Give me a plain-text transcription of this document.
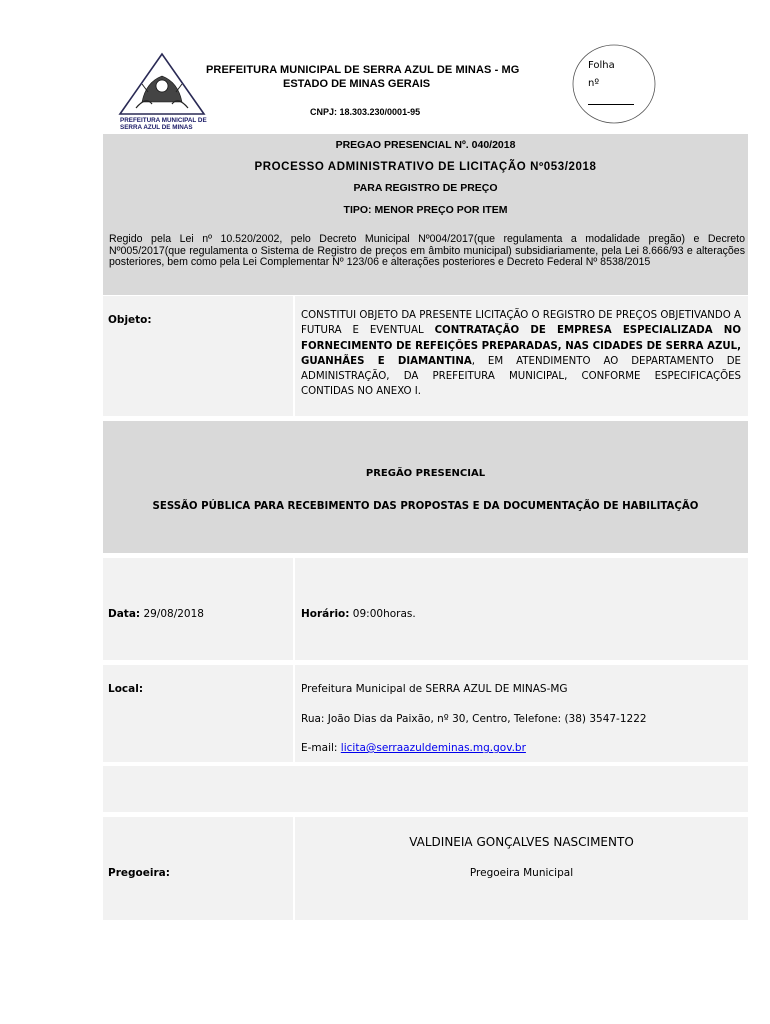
PREFEITURA MUNICIPAL DE
SERRA AZUL DE MINAS
PREFEITURA MUNICIPAL DE SERRA AZUL DE MINAS - MG
ESTADO DE MINAS GERAIS
CNPJ: 18.303.230/0001-95
Folha
nº
PREGAO PRESENCIAL Nº. 040/2018
PROCESSO ADMINISTRATIVO DE LICITAÇÃO Nº053/2018
PARA REGISTRO DE PREÇO
TIPO: MENOR PREÇO POR ITEM
Regido pela Lei nº 10.520/2002, pelo Decreto Municipal Nº004/2017(que regulamenta a modalidade pregão) e Decreto Nº005/2017(que regulamenta o Sistema de Registro de preços em âmbito municipal) subsidiariamente, pela Lei 8.666/93 e alterações posteriores, bem como pela Lei Complementar Nº 123/06 e alterações posteriores e Decreto Federal Nº 8538/2015
Objeto:	CONSTITUI OBJETO DA PRESENTE LICITAÇÃO O REGISTRO DE PREÇOS OBJETIVANDO A FUTURA E EVENTUAL CONTRATAÇÃO DE EMPRESA ESPECIALIZADA NO FORNECIMENTO DE REFEIÇÕES PREPARADAS, NAS CIDADES DE SERRA AZUL, GUANHÃES E DIAMANTINA, EM ATENDIMENTO AO DEPARTAMENTO DE ADMINISTRAÇÃO, DA PREFEITURA MUNICIPAL, CONFORME ESPECIFICAÇÕES CONTIDAS NO ANEXO I.
PREGÃO PRESENCIAL
SESSÃO PÚBLICA PARA RECEBIMENTO DAS PROPOSTAS E DA DOCUMENTAÇÃO DE HABILITAÇÃO
Data: 29/08/2018	Horário: 09:00horas.
Local:	Prefeitura Municipal de SERRA AZUL DE MINAS-MG
Rua: João Dias da Paixão, nº 30, Centro, Telefone: (38) 3547-1222
E-mail: licita@serraazuldeminas.mg.gov.br
Pregoeira:
VALDINEIA GONÇALVES NASCIMENTO
Pregoeira Municipal
